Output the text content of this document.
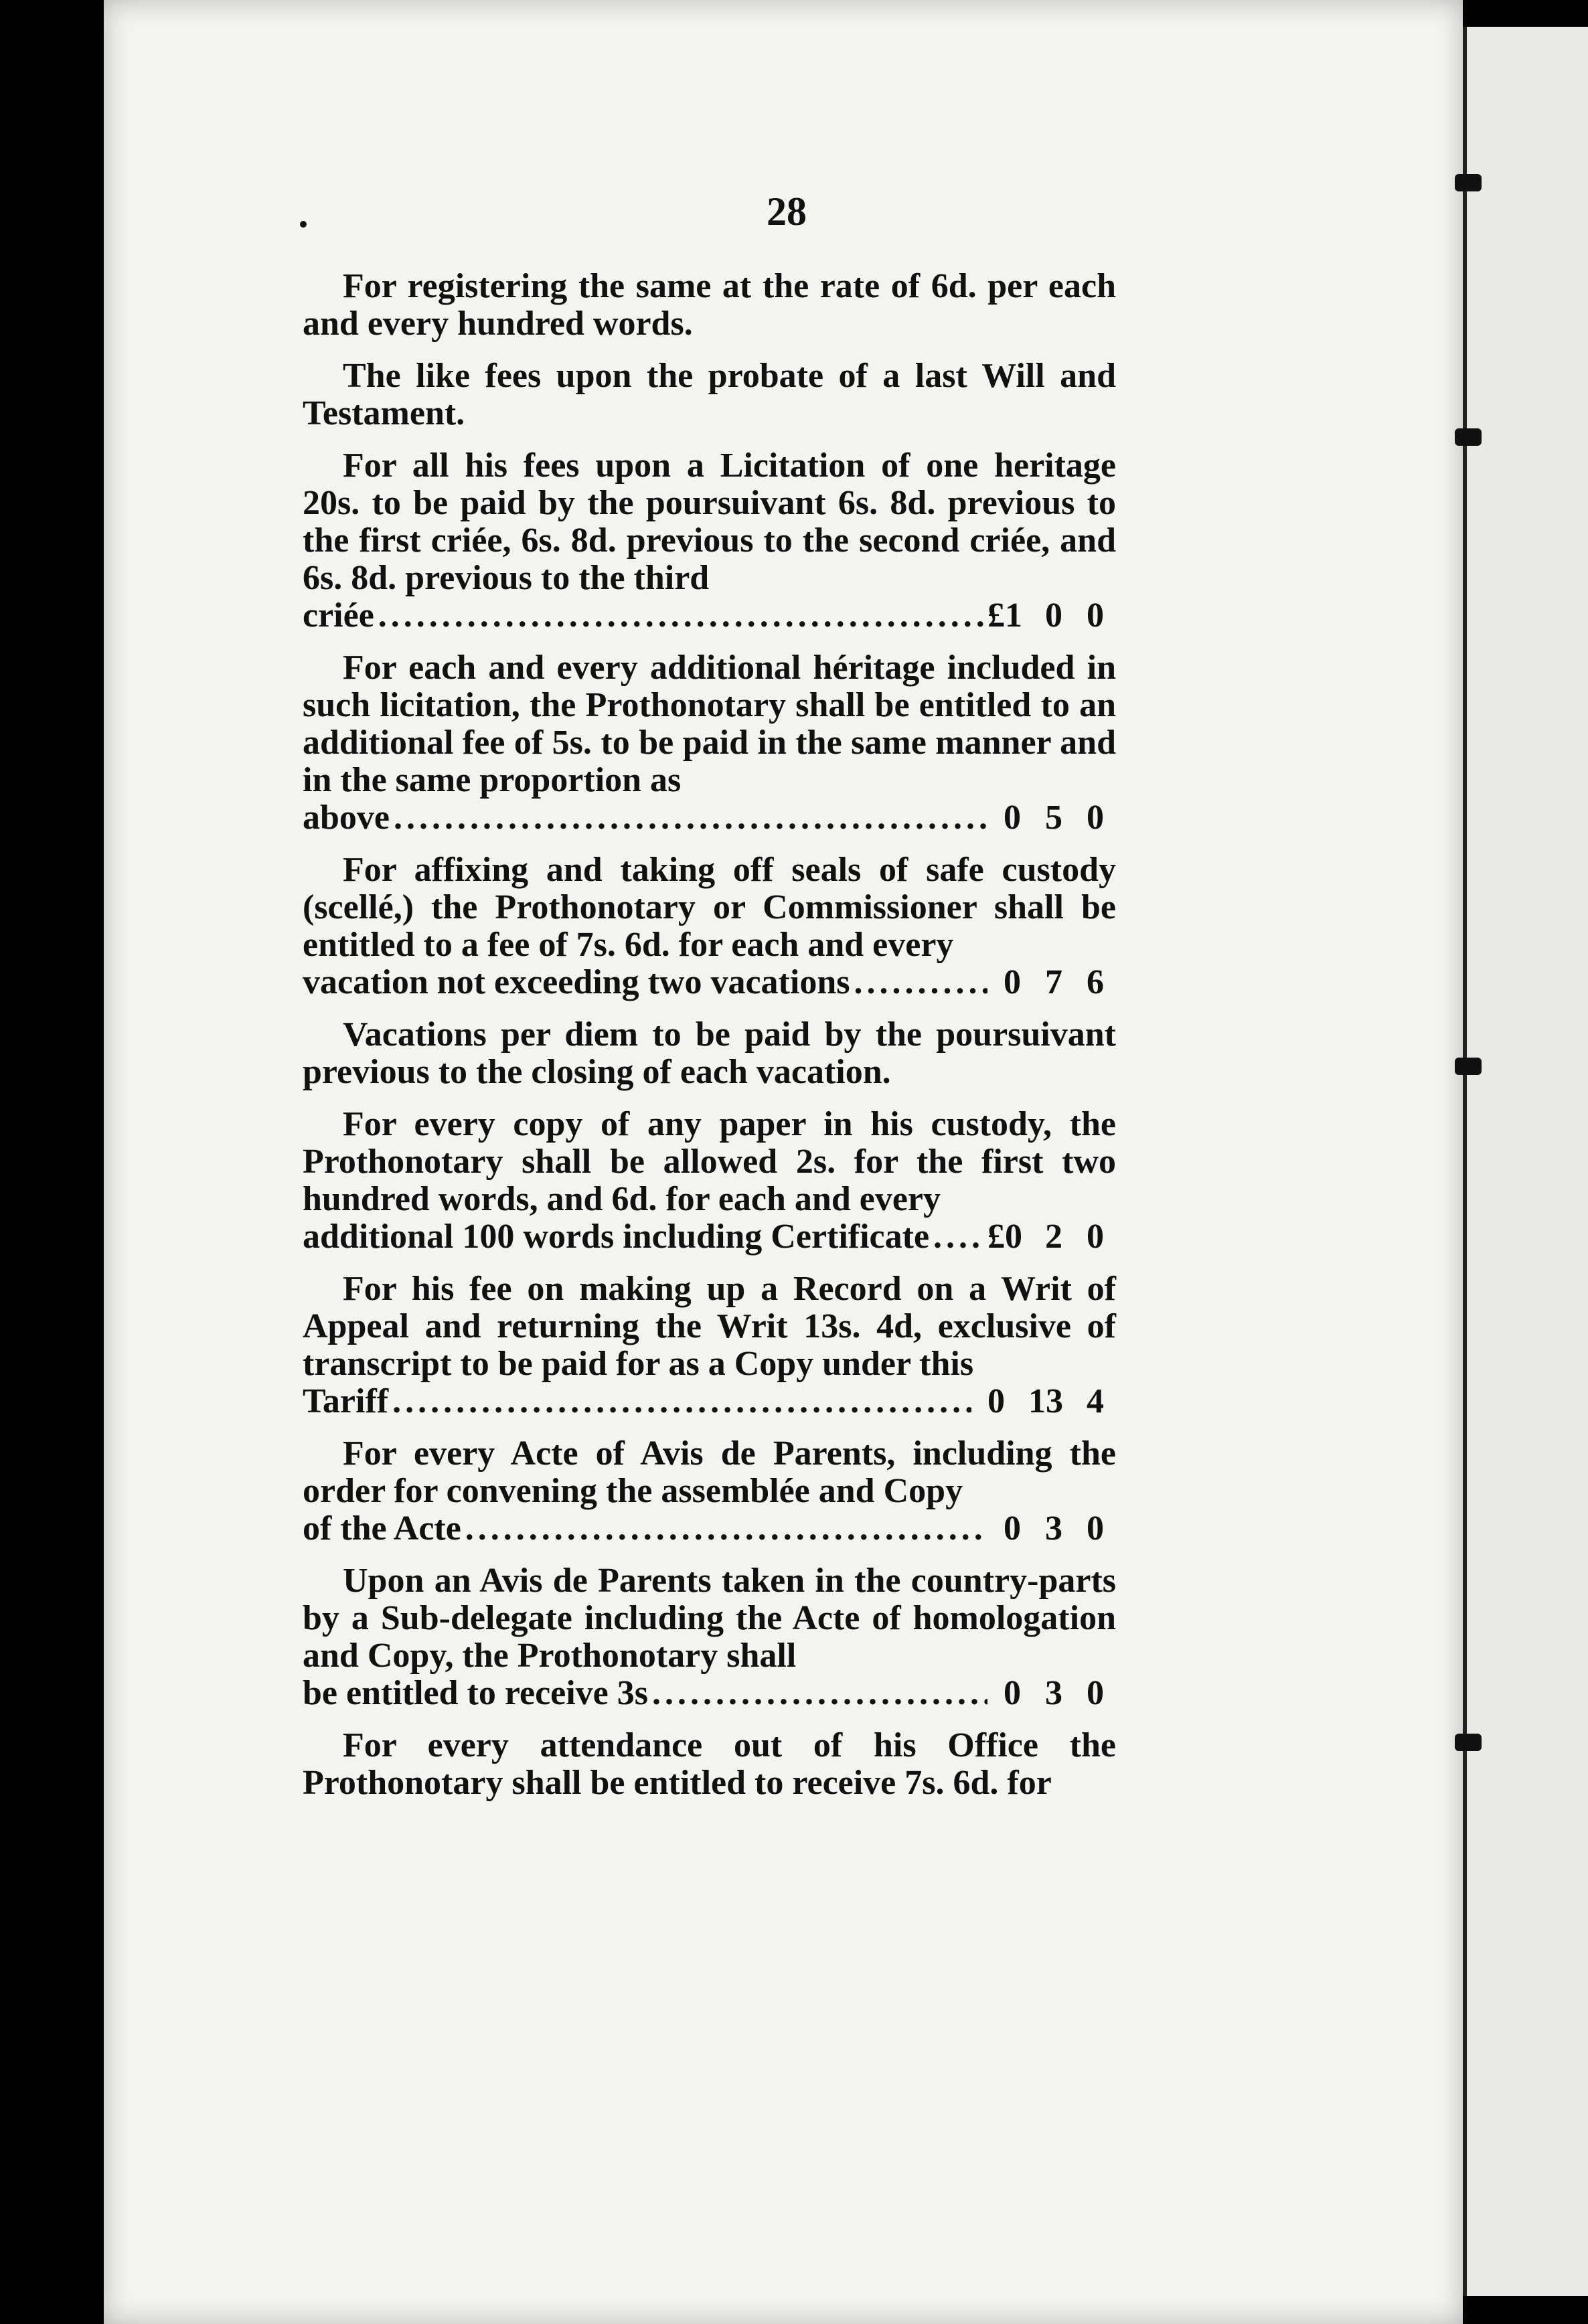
28

For registering the same at the rate of 6d. per each and every hundred words.

The like fees upon the probate of a last Will and Testament.

For all his fees upon a Licitation of one heritage 20s. to be paid by the poursuivant 6s. 8d. previous to the first criée, 6s. 8d. previous to the second criée, and 6s. 8d. previous to the third

criée .....	£1 0 0

For each and every additional héritage included in such licitation, the Prothonotary shall be entitled to an additional fee of 5s. to be paid in the same manner and in the same proportion as

above .....	0 5 0

For affixing and taking off seals of safe custody (scellé,) the Prothonotary or Commissioner shall be entitled to a fee of 7s. 6d. for each and every

vacation not exceeding two vacations .....	0 7 6

Vacations per diem to be paid by the poursuivant previous to the closing of each vacation.

For every copy of any paper in his custody, the Prothonotary shall be allowed 2s. for the first two hundred words, and 6d. for each and every

additional 100 words including Certificate ..... £0 2 0

For his fee on making up a Record on a Writ of Appeal and returning the Writ 13s. 4d, exclusive of transcript to be paid for as a Copy under this

Tariff .....	0 13 4

For every Acte of Avis de Parents, including the order for convening the assemblée and Copy

of the Acte .....	0 3 0

Upon an Avis de Parents taken in the country-parts by a Sub-delegate including the Acte of homologation and Copy, the Prothonotary shall

be entitled to receive 3s .....	0 3 0

For every attendance out of his Office the Prothonotary shall be entitled to receive 7s. 6d. for
